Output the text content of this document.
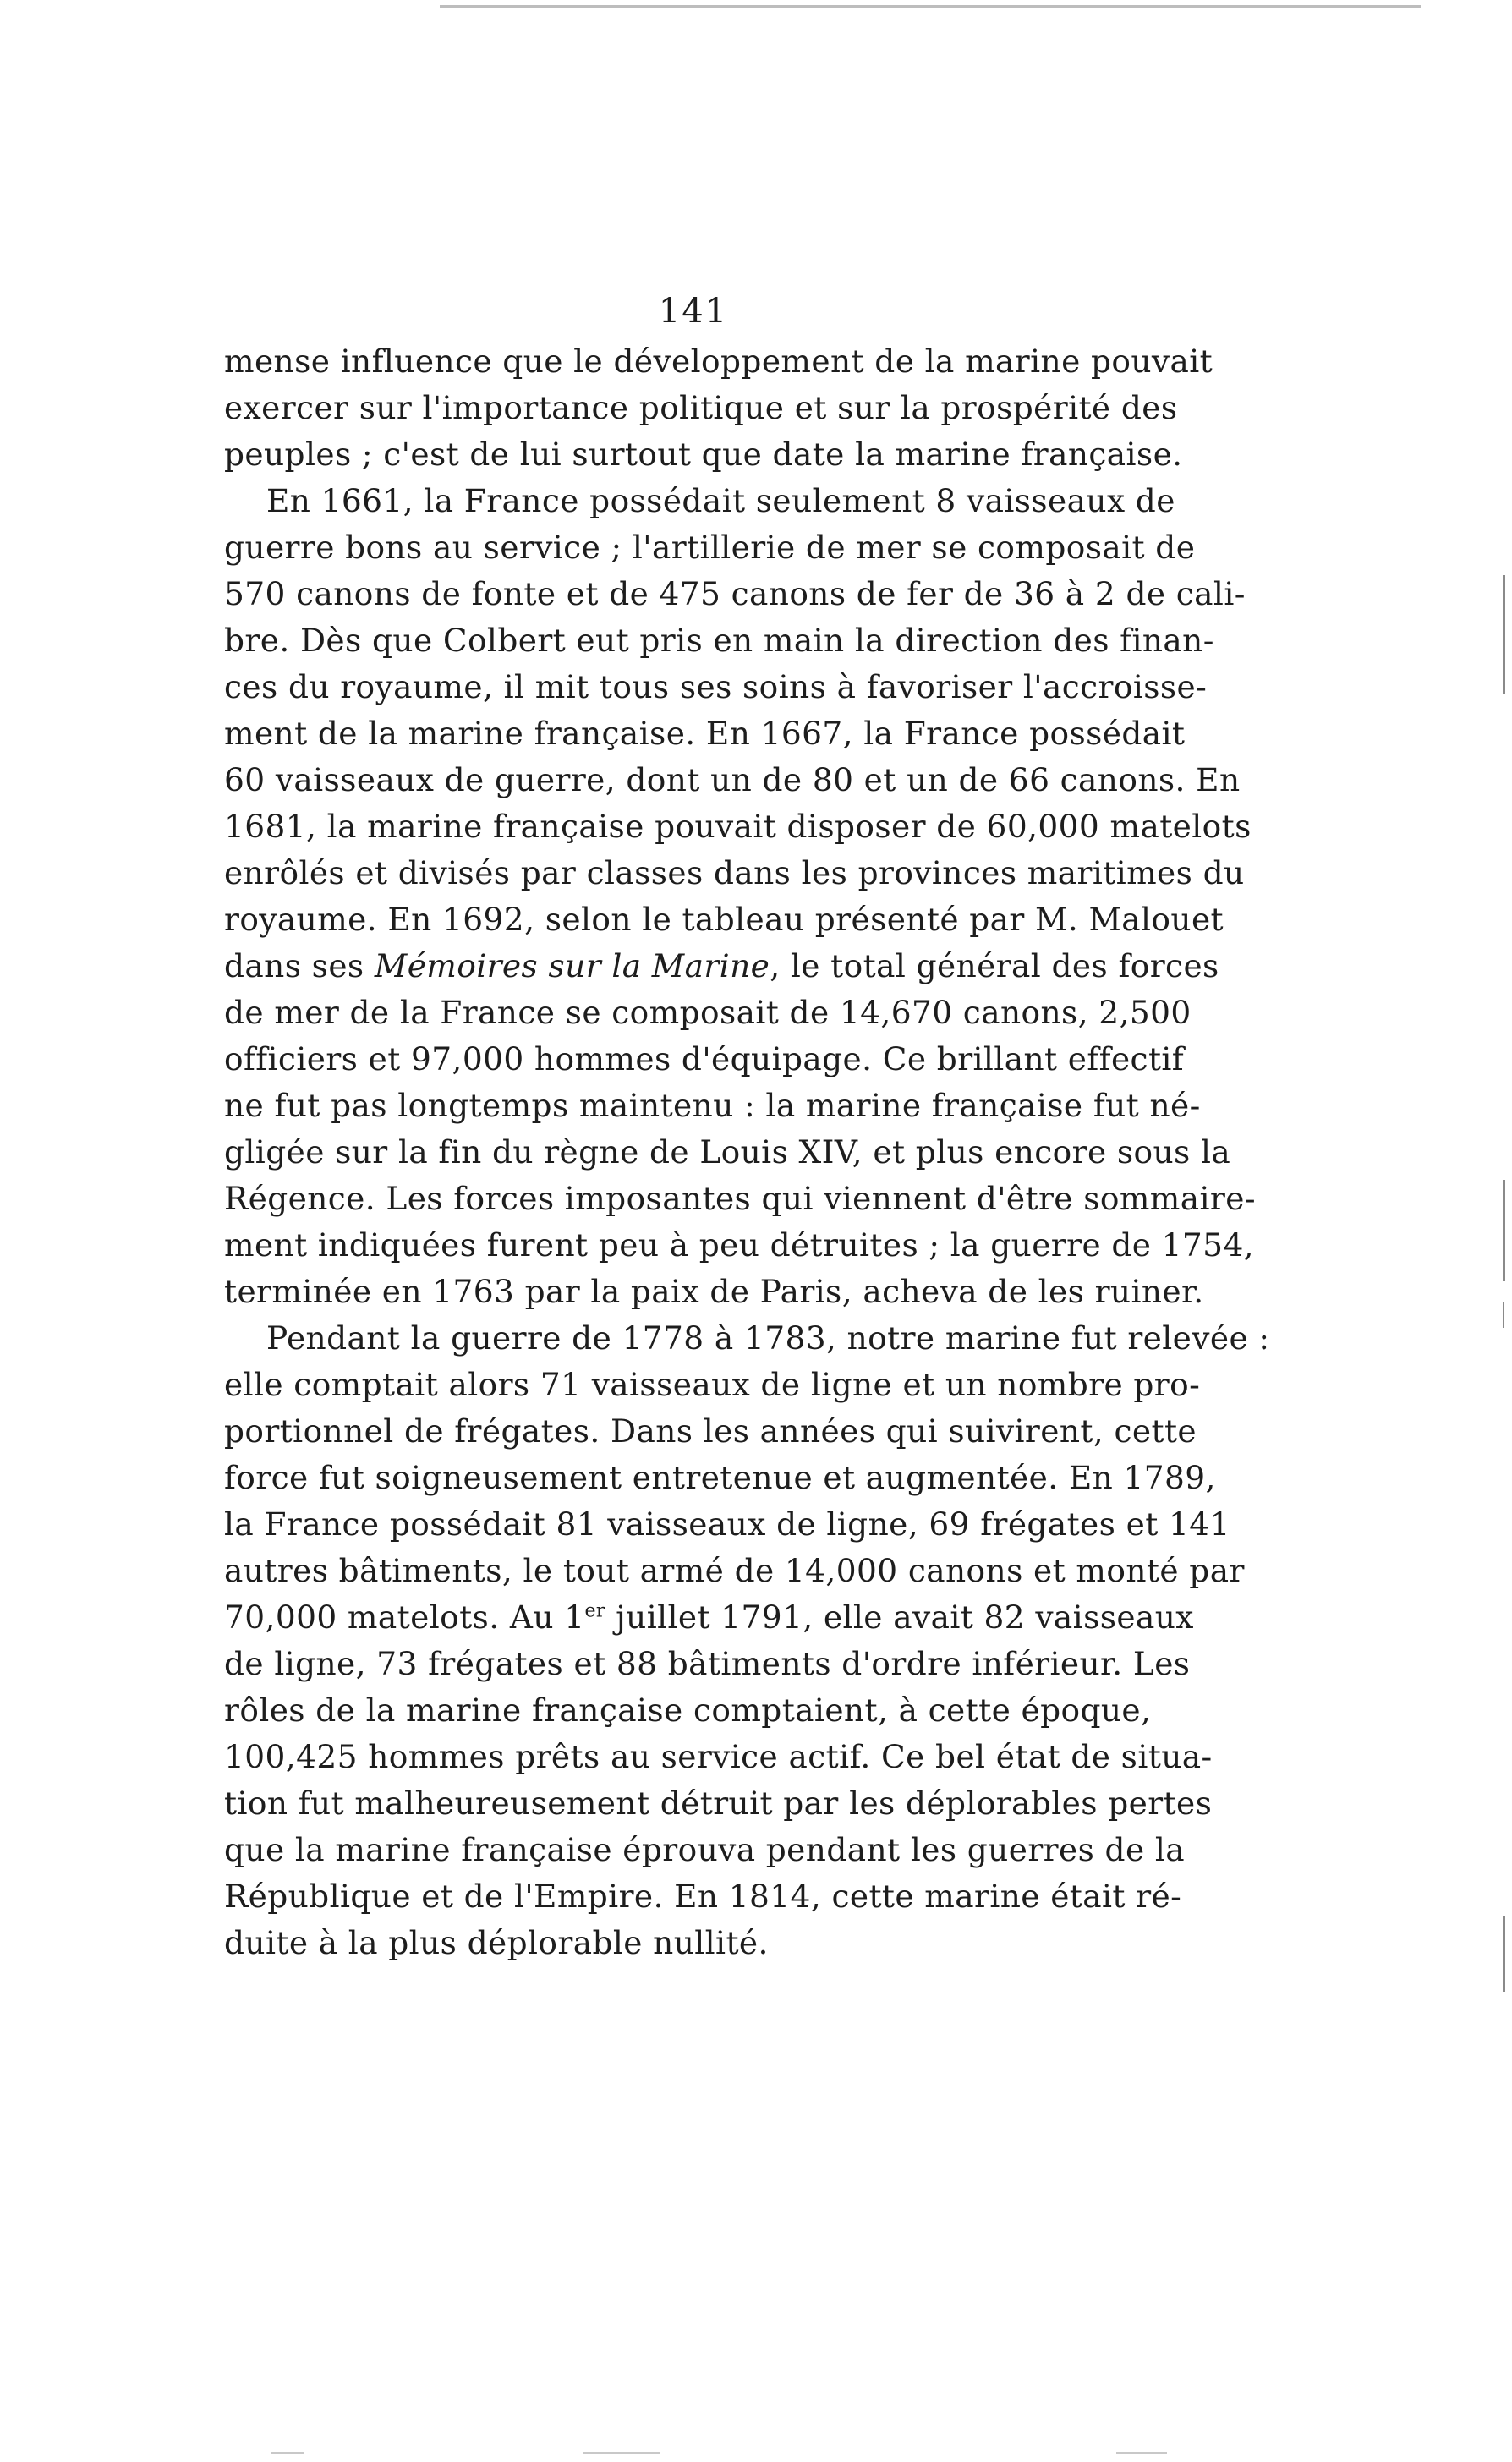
141
mense influence que le développement de la marine pouvait
exercer sur l'importance politique et sur la prospérité des
peuples ; c'est de lui surtout que date la marine française.
En 1661, la France possédait seulement 8 vaisseaux de
guerre bons au service ; l'artillerie de mer se composait de
570 canons de fonte et de 475 canons de fer de 36 à 2 de cali-
bre. Dès que Colbert eut pris en main la direction des finan-
ces du royaume, il mit tous ses soins à favoriser l'accroisse-
ment de la marine française. En 1667, la France possédait
60 vaisseaux de guerre, dont un de 80 et un de 66 canons. En
1681, la marine française pouvait disposer de 60,000 matelots
enrôlés et divisés par classes dans les provinces maritimes du
royaume. En 1692, selon le tableau présenté par M. Malouet
dans ses Mémoires sur la Marine, le total général des forces
de mer de la France se composait de 14,670 canons, 2,500
officiers et 97,000 hommes d'équipage. Ce brillant effectif
ne fut pas longtemps maintenu : la marine française fut né-
gligée sur la fin du règne de Louis XIV, et plus encore sous la
Régence. Les forces imposantes qui viennent d'être sommaire-
ment indiquées furent peu à peu détruites ; la guerre de 1754,
terminée en 1763 par la paix de Paris, acheva de les ruiner.
Pendant la guerre de 1778 à 1783, notre marine fut relevée :
elle comptait alors 71 vaisseaux de ligne et un nombre pro-
portionnel de frégates. Dans les années qui suivirent, cette
force fut soigneusement entretenue et augmentée. En 1789,
la France possédait 81 vaisseaux de ligne, 69 frégates et 141
autres bâtiments, le tout armé de 14,000 canons et monté par
70,000 matelots. Au 1er juillet 1791, elle avait 82 vaisseaux
de ligne, 73 frégates et 88 bâtiments d'ordre inférieur. Les
rôles de la marine française comptaient, à cette époque,
100,425 hommes prêts au service actif. Ce bel état de situa-
tion fut malheureusement détruit par les déplorables pertes
que la marine française éprouva pendant les guerres de la
République et de l'Empire. En 1814, cette marine était ré-
duite à la plus déplorable nullité.
